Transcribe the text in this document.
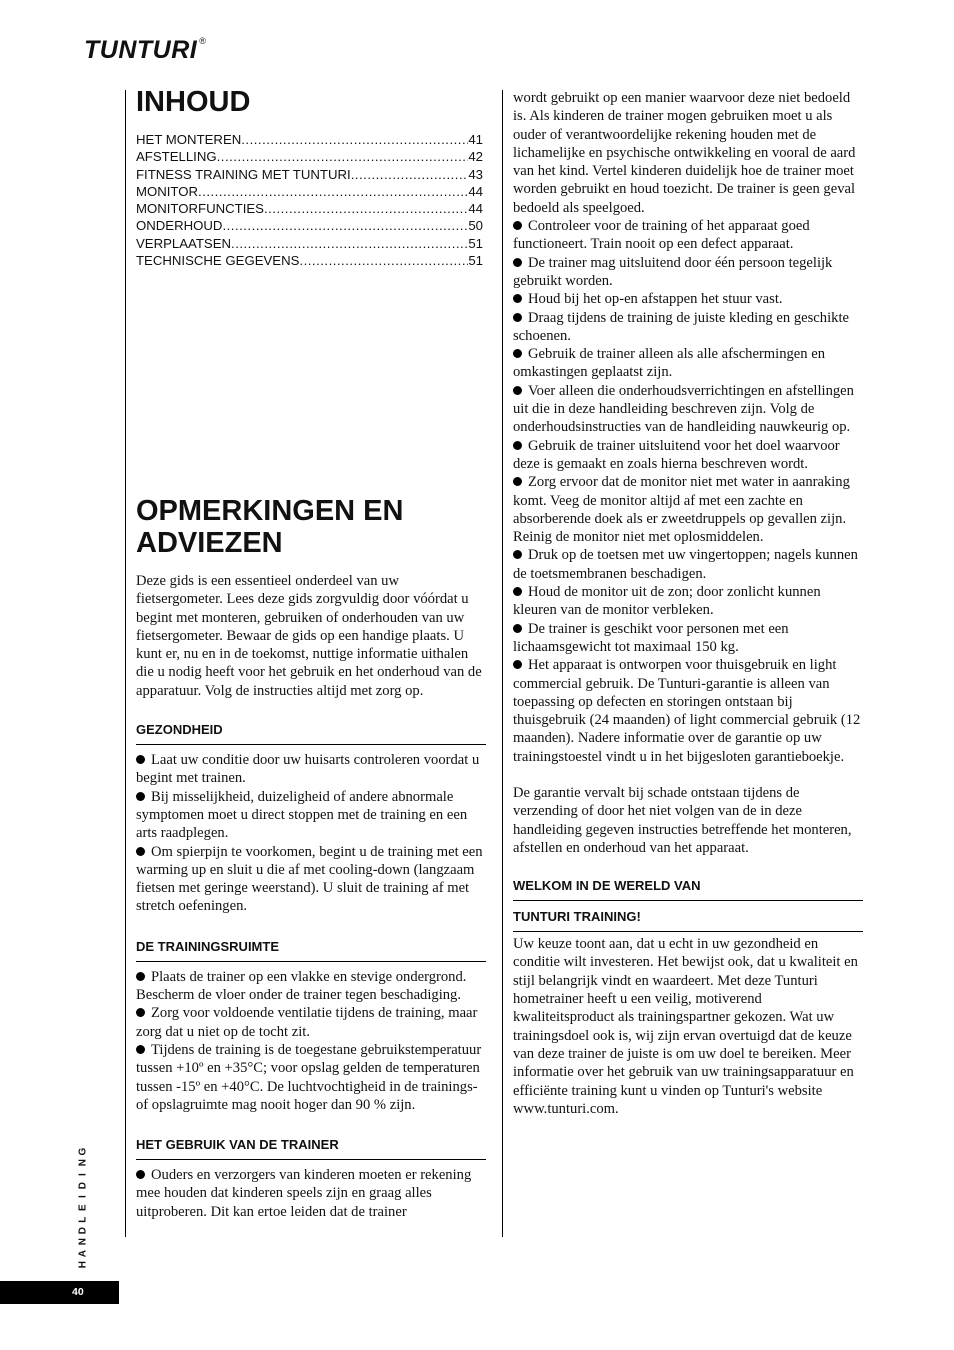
TUNTURI ®
INHOUD
HET MONTEREN .....	41
AFSTELLING .....	42
FITNESS TRAINING MET TUNTURI .....	43
MONITOR .....	44
MONITORFUNCTIES .....	44
ONDERHOUD .....	50
VERPLAATSEN .....	51
TECHNISCHE GEGEVENS .....	51
OPMERKINGEN EN
ADVIEZEN

Deze gids is een essentieel onderdeel van uw fietsergometer. Lees deze gids zorgvuldig door vóórdat u begint met monteren, gebruiken of onderhouden van uw fietsergometer. Bewaar de gids op een handige plaats. U kunt er, nu en in de toekomst, nuttige informatie uithalen die u nodig heeft voor het gebruik en het onderhoud van de apparatuur. Volg de instructies altijd met zorg op.

GEZONDHEID

Laat uw conditie door uw huisarts controleren voordat u begint met trainen.

Bij misselijkheid, duizeligheid of andere abnormale symptomen moet u direct stoppen met de training en een arts raadplegen.

Om spierpijn te voorkomen, begint u de training met een warming up en sluit u die af met cooling-down (langzaam fietsen met geringe weerstand). U sluit de training af met stretch oefeningen.

DE TRAININGSRUIMTE

Plaats de trainer op een vlakke en stevige ondergrond. Bescherm de vloer onder de trainer tegen beschadiging.

Zorg voor voldoende ventilatie tijdens de training, maar zorg dat u niet op de tocht zit.

Tijdens de training is de toegestane gebruikstemperatuur tussen +10º en +35°C; voor opslag gelden de temperaturen tussen -15º en +40°C. De luchtvochtigheid in de trainings- of opslagruimte mag nooit hoger dan 90 % zijn.

HET GEBRUIK VAN DE TRAINER

Ouders en verzorgers van kinderen moeten er rekening mee houden dat kinderen speels zijn en graag alles uitproberen. Dit kan ertoe leiden dat de trainer

wordt gebruikt op een manier waarvoor deze niet bedoeld is. Als kinderen de trainer mogen gebruiken moet u als ouder of verantwoordelijke rekening houden met de lichamelijke en psychische ontwikkeling en vooral de aard van het kind. Vertel kinderen duidelijk hoe de trainer moet worden gebruikt en houd toezicht. De trainer is geen geval bedoeld als speelgoed.

Controleer voor de training of het apparaat goed functioneert. Train nooit op een defect apparaat.

De trainer mag uitsluitend door één persoon tegelijk gebruikt worden.

Houd bij het op-en afstappen het stuur vast.

Draag tijdens de training de juiste kleding en geschikte schoenen.

Gebruik de trainer alleen als alle afschermingen en omkastingen geplaatst zijn.

Voer alleen die onderhoudsverrichtingen en afstellingen uit die in deze handleiding beschreven zijn. Volg de onderhoudsinstructies van de handleiding nauwkeurig op.

Gebruik de trainer uitsluitend voor het doel waarvoor deze is gemaakt en zoals hierna beschreven wordt.

Zorg ervoor dat de monitor niet met water in aanraking komt. Veeg de monitor altijd af met een zachte en absorberende doek als er zweetdruppels op gevallen zijn. Reinig de monitor niet met oplosmiddelen.

Druk op de toetsen met uw vingertoppen; nagels kunnen de toetsmembranen beschadigen.

Houd de monitor uit de zon; door zonlicht kunnen kleuren van de monitor verbleken.

De trainer is geschikt voor personen met een lichaamsgewicht tot maximaal 150 kg.

Het apparaat is ontworpen voor thuisgebruik en light commercial gebruik. De Tunturi-garantie is alleen van toepassing op defecten en storingen ontstaan bij thuisgebruik (24 maanden) of light commercial gebruik (12 maanden). Nadere informatie over de garantie op uw trainingstoestel vindt u in het bijgesloten garantieboekje.

De garantie vervalt bij schade ontstaan tijdens de verzending of door het niet volgen van de in deze handleiding gegeven instructies betreffende het monteren, afstellen en onderhoud van het apparaat.

WELKOM IN DE WERELD VAN
TUNTURI TRAINING!

Uw keuze toont aan, dat u echt in uw gezondheid en conditie wilt investeren. Het bewijst ook, dat u kwaliteit en stijl belangrijk vindt en waardeert. Met deze Tunturi hometrainer heeft u een veilig, motiverend kwaliteitsproduct als trainingspartner gekozen. Wat uw trainingsdoel ook is, wij zijn ervan overtuigd dat de keuze van deze trainer de juiste is om uw doel te bereiken. Meer informatie over het gebruik van uw trainingsapparatuur en efficiënte training kunt u vinden op Tunturi's website www.tunturi.com.

G
N
I
D
I
E
L
D
N
A
H
40
